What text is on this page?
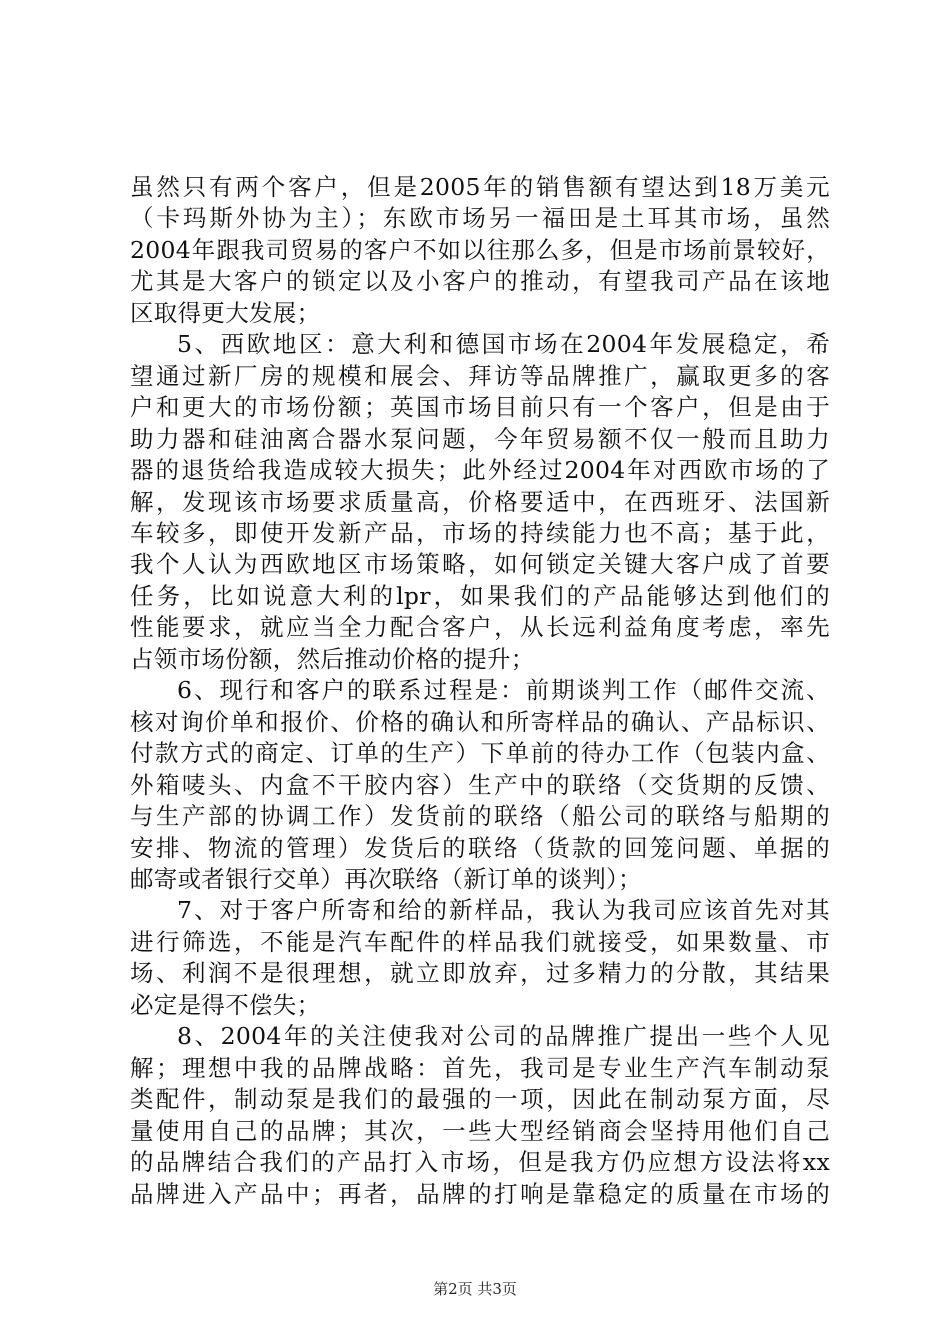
虽然只有两个客户，但是2005年的销售额有望达到18万美元
（卡玛斯外协为主）；东欧市场另一福田是土耳其市场，虽然
2004年跟我司贸易的客户不如以往那么多，但是市场前景较好，
尤其是大客户的锁定以及小客户的推动，有望我司产品在该地
区取得更大发展；
5、西欧地区：意大利和德国市场在2004年发展稳定，希
望通过新厂房的规模和展会、拜访等品牌推广，赢取更多的客
户和更大的市场份额；英国市场目前只有一个客户，但是由于
助力器和硅油离合器水泵问题，今年贸易额不仅一般而且助力
器的退货给我造成较大损失；此外经过2004年对西欧市场的了
解，发现该市场要求质量高，价格要适中，在西班牙、法国新
车较多，即使开发新产品，市场的持续能力也不高；基于此，
我个人认为西欧地区市场策略，如何锁定关键大客户成了首要
任务，比如说意大利的lpr，如果我们的产品能够达到他们的
性能要求，就应当全力配合客户，从长远利益角度考虑，率先
占领市场份额，然后推动价格的提升；
6、现行和客户的联系过程是：前期谈判工作（邮件交流、
核对询价单和报价、价格的确认和所寄样品的确认、产品标识、
付款方式的商定、订单的生产）下单前的待办工作（包装内盒、
外箱唛头、内盒不干胶内容）生产中的联络（交货期的反馈、
与生产部的协调工作）发货前的联络（船公司的联络与船期的
安排、物流的管理）发货后的联络（货款的回笼问题、单据的
邮寄或者银行交单）再次联络（新订单的谈判）；
7、对于客户所寄和给的新样品，我认为我司应该首先对其
进行筛选，不能是汽车配件的样品我们就接受，如果数量、市
场、利润不是很理想，就立即放弃，过多精力的分散，其结果
必定是得不偿失；
8、2004年的关注使我对公司的品牌推广提出一些个人见
解；理想中我的品牌战略：首先，我司是专业生产汽车制动泵
类配件，制动泵是我们的最强的一项，因此在制动泵方面，尽
量使用自己的品牌；其次，一些大型经销商会坚持用他们自己
的品牌结合我们的产品打入市场，但是我方仍应想方设法将xx
品牌进入产品中；再者，品牌的打响是靠稳定的质量在市场的
第2页 共3页
